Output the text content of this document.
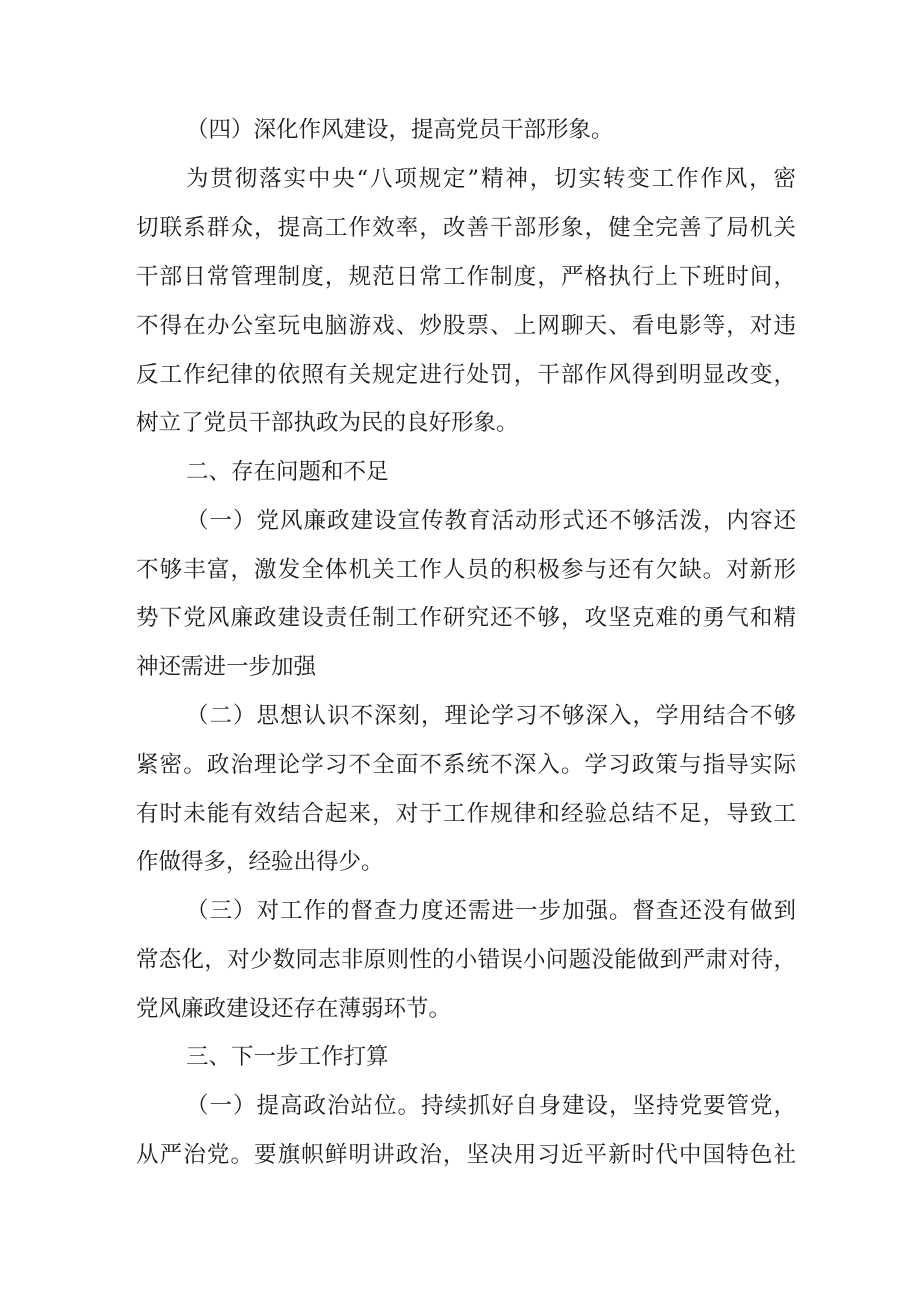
（四）深化作风建设，提高党员干部形象。
为贯彻落实中央“八项规定”精神，切实转变工作作风，密
切联系群众，提高工作效率，改善干部形象，健全完善了局机关
干部日常管理制度，规范日常工作制度，严格执行上下班时间，
不得在办公室玩电脑游戏、炒股票、上网聊天、看电影等，对违
反工作纪律的依照有关规定进行处罚，干部作风得到明显改变，
树立了党员干部执政为民的良好形象。
二、存在问题和不足
（一）党风廉政建设宣传教育活动形式还不够活泼，内容还
不够丰富，激发全体机关工作人员的积极参与还有欠缺。对新形
势下党风廉政建设责任制工作研究还不够，攻坚克难的勇气和精
神还需进一步加强
（二）思想认识不深刻，理论学习不够深入，学用结合不够
紧密。政治理论学习不全面不系统不深入。学习政策与指导实际
有时未能有效结合起来，对于工作规律和经验总结不足，导致工
作做得多，经验出得少。
（三）对工作的督查力度还需进一步加强。督查还没有做到
常态化，对少数同志非原则性的小错误小问题没能做到严肃对待，
党风廉政建设还存在薄弱环节。
三、下一步工作打算
（一）提高政治站位。持续抓好自身建设，坚持党要管党，
从严治党。要旗帜鲜明讲政治，坚决用习近平新时代中国特色社
